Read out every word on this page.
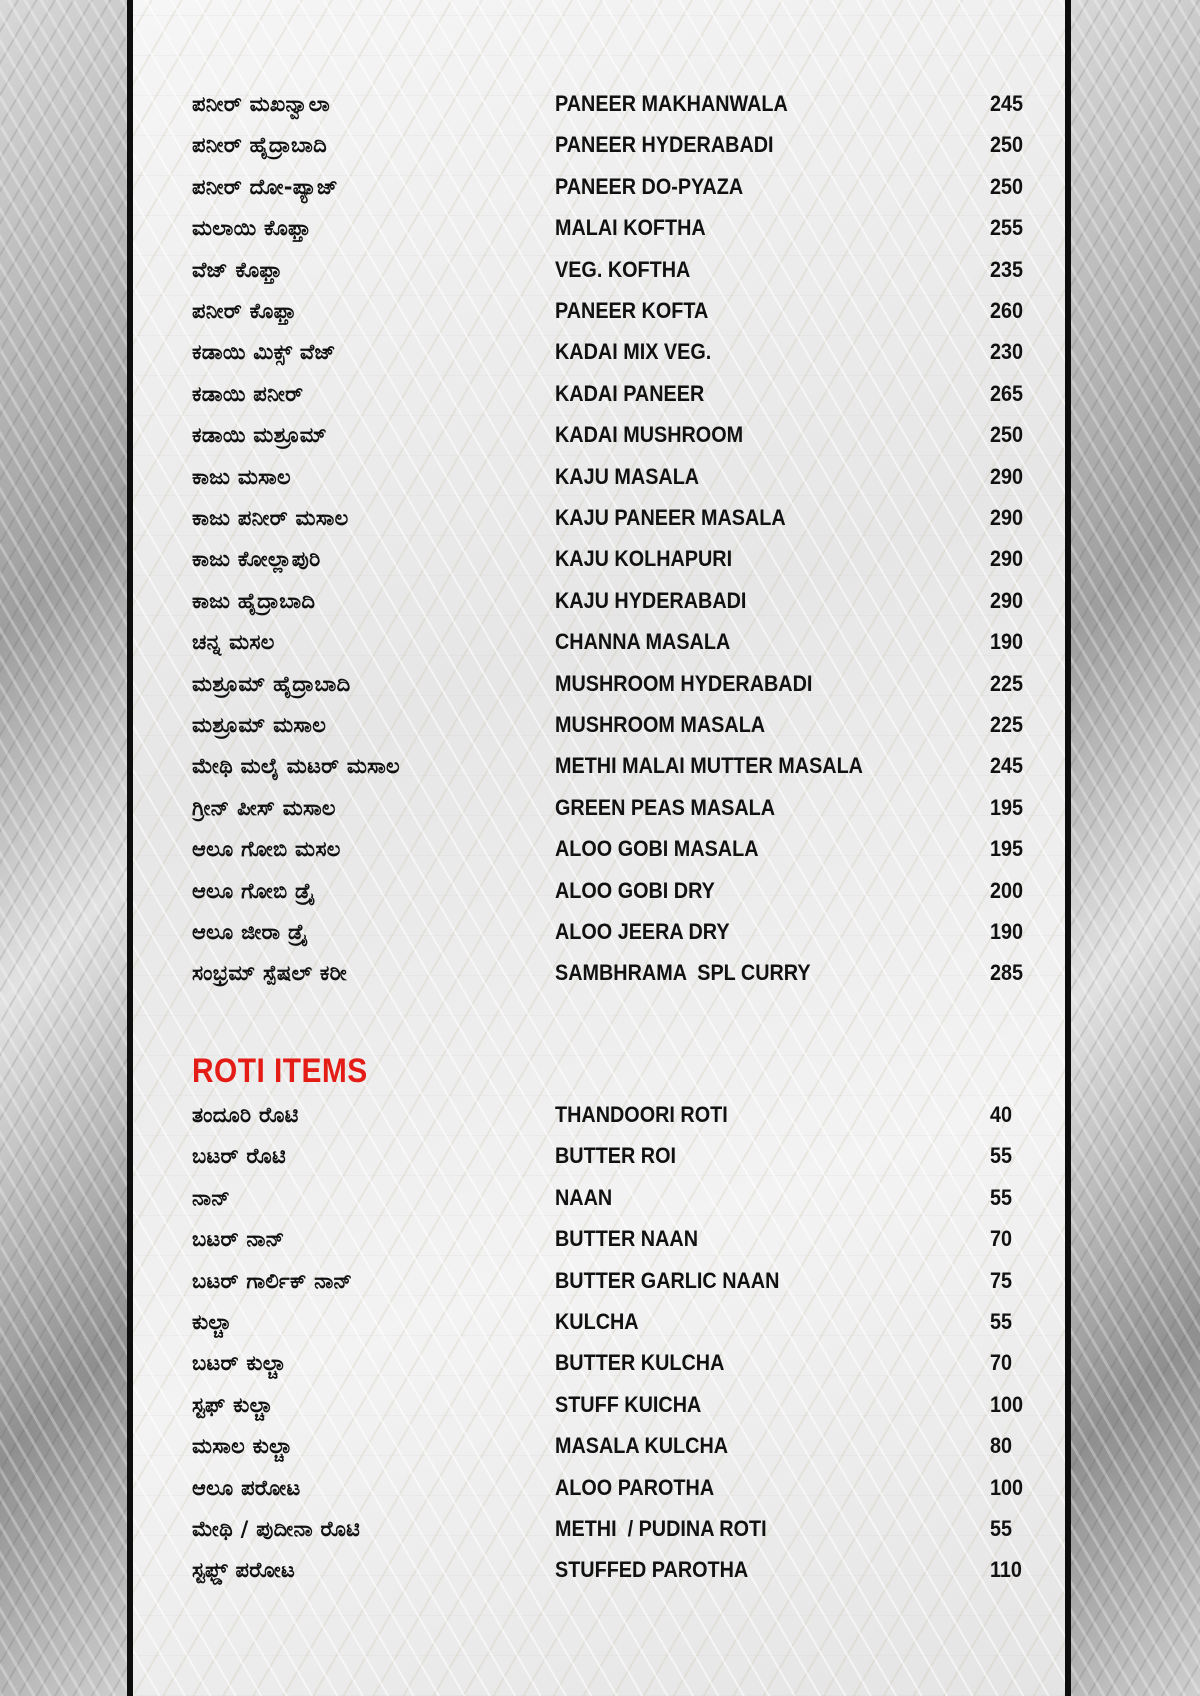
ಪನೀರ್ ಮಖನ್ವಾಲಾ	PANEER MAKHANWALA	245
ಪನೀರ್ ಹೈದ್ರಾಬಾದಿ	PANEER HYDERABADI	250
ಪನೀರ್ ದೋ-ಪ್ಯಾಜ್	PANEER DO-PYAZA	250
ಮಲಾಯಿ ಕೊಫ್ತಾ	MALAI KOFTHA	255
ವೆಜ್ ಕೊಫ್ತಾ	VEG. KOFTHA	235
ಪನೀರ್ ಕೊಫ್ತಾ	PANEER KOFTA	260
ಕಡಾಯಿ ಮಿಕ್ಸ್ ವೆಜ್	KADAI MIX VEG.	230
ಕಡಾಯಿ ಪನೀರ್	KADAI PANEER	265
ಕಡಾಯಿ ಮಶ್ರೂಮ್	KADAI MUSHROOM	250
ಕಾಜು ಮಸಾಲ	KAJU MASALA	290
ಕಾಜು ಪನೀರ್ ಮಸಾಲ	KAJU PANEER MASALA	290
ಕಾಜು ಕೋಲ್ಲಾಪುರಿ	KAJU KOLHAPURI	290
ಕಾಜು ಹೈದ್ರಾಬಾದಿ	KAJU HYDERABADI	290
ಚನ್ನ ಮಸಲ	CHANNA MASALA	190
ಮಶ್ರೂಮ್ ಹೈದ್ರಾಬಾದಿ	MUSHROOM HYDERABADI	225
ಮಶ್ರೂಮ್ ಮಸಾಲ	MUSHROOM MASALA	225
ಮೇಥಿ ಮಲೈ ಮಟರ್ ಮಸಾಲ	METHI MALAI MUTTER MASALA	245
ಗ್ರೀನ್ ಪೀಸ್ ಮಸಾಲ	GREEN PEAS MASALA	195
ಆಲೂ ಗೋಬಿ ಮಸಲ	ALOO GOBI MASALA	195
ಆಲೂ ಗೋಬಿ ಡ್ರೈ	ALOO GOBI DRY	200
ಆಲೂ ಜೀರಾ ಡ್ರೈ	ALOO JEERA DRY	190
ಸಂಭ್ರಮ್ ಸ್ಪೆಷಲ್ ಕರೀ	SAMBHRAMA  SPL CURRY	285
ROTI ITEMS
ತಂದೂರಿ ರೊಟಿ	THANDOORI ROTI	40
ಬಟರ್ ರೊಟಿ	BUTTER ROI	55
ನಾನ್	NAAN	55
ಬಟರ್ ನಾನ್	BUTTER NAAN	70
ಬಟರ್ ಗಾರ್ಲಿಕ್ ನಾನ್	BUTTER GARLIC NAAN	75
ಕುಲ್ಚಾ	KULCHA	55
ಬಟರ್ ಕುಲ್ಚಾ	BUTTER KULCHA	70
ಸ್ಟಫ್ ಕುಲ್ಚಾ	STUFF KUICHA	100
ಮಸಾಲ ಕುಲ್ಚಾ	MASALA KULCHA	80
ಆಲೂ ಪರೋಟ	ALOO PAROTHA	100
ಮೇಥಿ / ಪುದೀನಾ ರೊಟಿ	METHI  / PUDINA ROTI	55
ಸ್ಟಫ್ಡ್ ಪರೋಟ	STUFFED PAROTHA	110
